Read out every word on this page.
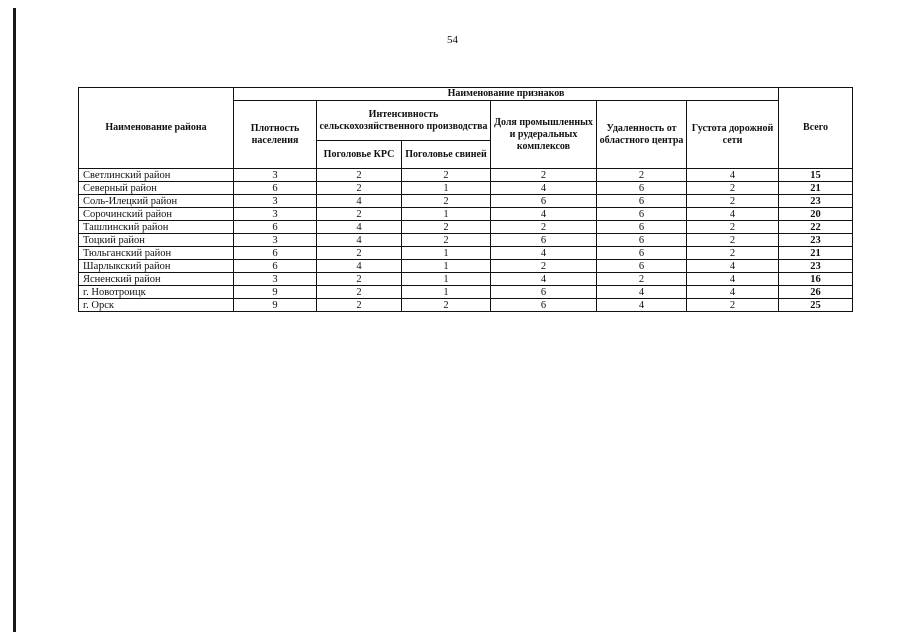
54
Наименование района	Наименование признаков						Всего
	Плотность населения	Интенсивность сельскохозяйственного производства		Доля промышленных и рудеральных комплексов	Удаленность от областного центра	Густота дорожной сети	
		Поголовье КРС	Поголовье свиней				
Светлинский район	3	2	2	2	2	4	15
Северный район	6	2	1	4	6	2	21
Соль-Илецкий район	3	4	2	6	6	2	23
Сорочинский район	3	2	1	4	6	4	20
Ташлинский район	6	4	2	2	6	2	22
Тоцкий район	3	4	2	6	6	2	23
Тюльганский район	6	2	1	4	6	2	21
Шарлыкский район	6	4	1	2	6	4	23
Ясненский район	3	2	1	4	2	4	16
г. Новотроицк	9	2	1	6	4	4	26
г. Орск	9	2	2	6	4	2	25
